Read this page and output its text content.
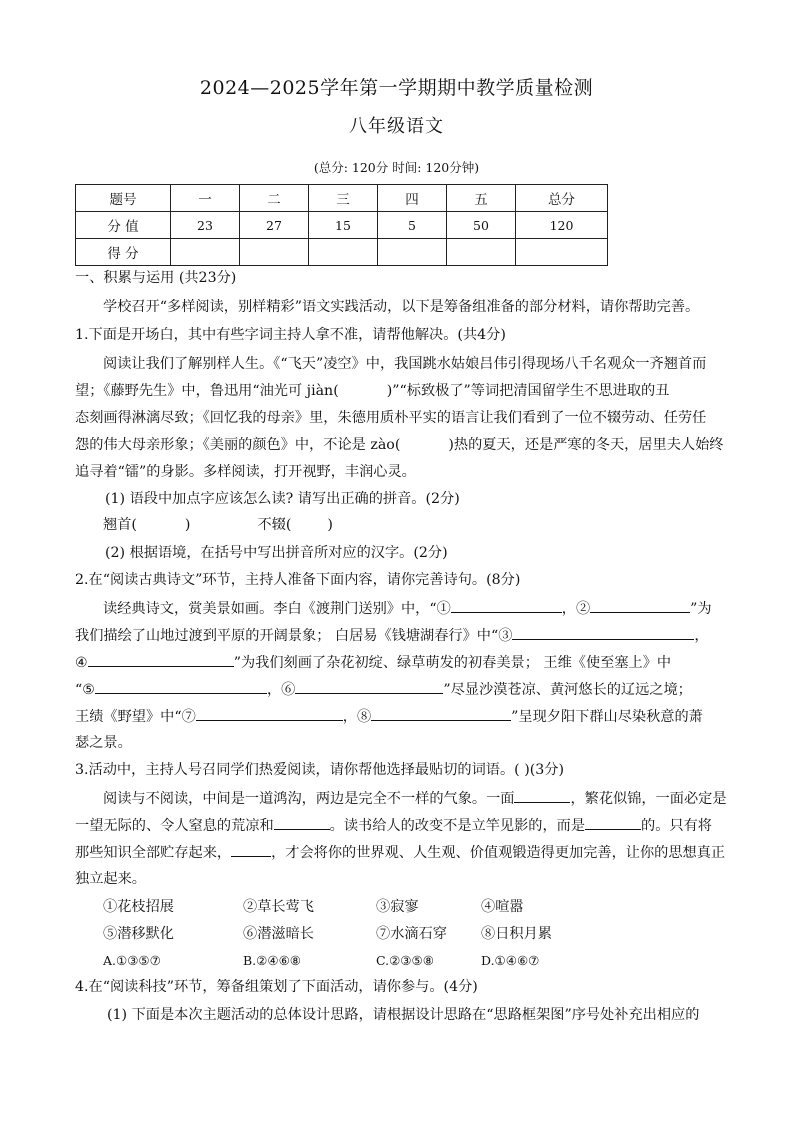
2024—2025学年第一学期期中教学质量检测
八年级语文
(总分: 120分 时间: 120分钟)
题号	一	二	三	四	五	总分
分 值	23	27	15	5	50	120
得 分						
一、积累与运用 (共23分)
学校召开“多样阅读，别样精彩”语文实践活动，以下是筹备组准备的部分材料，请你帮助完善。
1.下面是开场白，其中有些字词主持人拿不准，请帮他解决。(共4分)
阅读让我们了解别样人生。《“飞天”凌空》中，我国跳水姑娘吕伟引得现场八千名观众一齐翘首而
望；《藤野先生》中，鲁迅用“油光可 jiàn(	)”“标致极了”等词把清国留学生不思进取的丑
态刻画得淋漓尽致；《回忆我的母亲》里，朱德用质朴平实的语言让我们看到了一位不辍劳动、任劳任
怨的伟大母亲形象；《美丽的颜色》中，不论是 zào(	)热的夏天，还是严寒的冬天，居里夫人始终
追寻着“镭”的身影。多样阅读，打开视野，丰润心灵。
(1) 语段中加点字应该怎么读? 请写出正确的拼音。(2分)
翘首(	)	不辍(	)
(2) 根据语境，在括号中写出拼音所对应的汉字。(2分)
2.在“阅读古典诗文”环节，主持人准备下面内容，请你完善诗句。(8分)
读经典诗文，赏美景如画。李白《渡荆门送别》中，“①	，②	”为
我们描绘了山地过渡到平原的开阔景象； 白居易《钱塘湖春行》中“③	，
④	”为我们刻画了杂花初绽、绿草萌发的初春美景； 王维《使至塞上》中
“⑤	，⑥	”尽显沙漠苍凉、黄河悠长的辽远之境；
王绩《野望》中“⑦	，⑧	”呈现夕阳下群山尽染秋意的萧
瑟之景。
3.活动中，主持人号召同学们热爱阅读，请你帮他选择最贴切的词语。( )(3分)
阅读与不阅读，中间是一道鸿沟，两边是完全不一样的气象。一面	，繁花似锦，一面必定是
一望无际的、令人窒息的荒凉和	。读书给人的改变不是立竿见影的，而是	的。只有将
那些知识全部贮存起来，	，才会将你的世界观、人生观、价值观锻造得更加完善，让你的思想真正
独立起来。
①花枝招展	②草长莺飞	③寂寥	④喧嚣
⑤潜移默化	⑥潜滋暗长	⑦水滴石穿 ⑧日积月累
A.①③⑤⑦	B.②④⑥⑧	C.②③⑤⑧	D.①④⑥⑦
4.在“阅读科技”环节，筹备组策划了下面活动，请你参与。(4分)
(1) 下面是本次主题活动的总体设计思路，请根据设计思路在“思路框架图”序号处补充出相应的
